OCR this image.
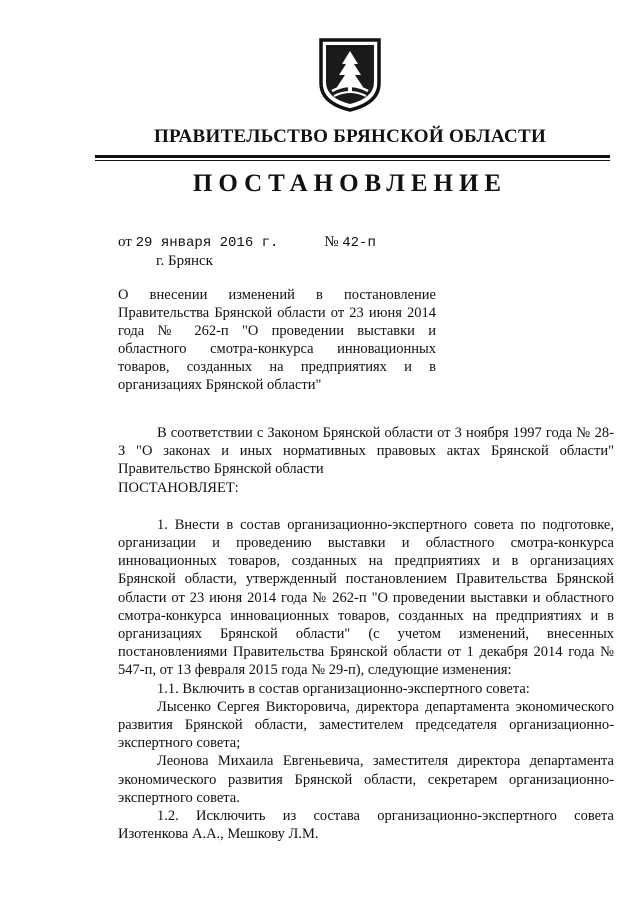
ПРАВИТЕЛЬСТВО БРЯНСКОЙ ОБЛАСТИ
ПОСТАНОВЛЕНИЕ
от 29 января 2016 г.	№ 42-п
г. Брянск
О внесении изменений в постановление Правительства Брянской области от 23 июня 2014 года № 262-п "О проведении выставки и областного смотра-конкурса инновационных товаров, созданных на предприятиях и в организациях Брянской области"

В соответствии с Законом Брянской области от 3 ноября 1997 года № 28-З "О законах и иных нормативных правовых актах Брянской области" Правительство Брянской области

ПОСТАНОВЛЯЕТ:

1. Внести в состав организационно-экспертного совета по подготовке, организации и проведению выставки и областного смотра-конкурса инновационных товаров, созданных на предприятиях и в организациях Брянской области, утвержденный постановлением Правительства Брянской области от 23 июня 2014 года № 262-п "О проведении выставки и областного смотра-конкурса инновационных товаров, созданных на предприятиях и в организациях Брянской области" (с учетом изменений, внесенных постановлениями Правительства Брянской области от 1 декабря 2014 года № 547-п, от 13 февраля 2015 года № 29-п), следующие изменения:

1.1. Включить в состав организационно-экспертного совета:

Лысенко Сергея Викторовича, директора департамента экономического развития Брянской области, заместителем председателя организационно-экспертного совета;

Леонова Михаила Евгеньевича, заместителя директора департамента экономического развития Брянской области, секретарем организационно-экспертного совета.

1.2. Исключить из состава организационно-экспертного совета Изотенкова А.А., Мешкову Л.М.
